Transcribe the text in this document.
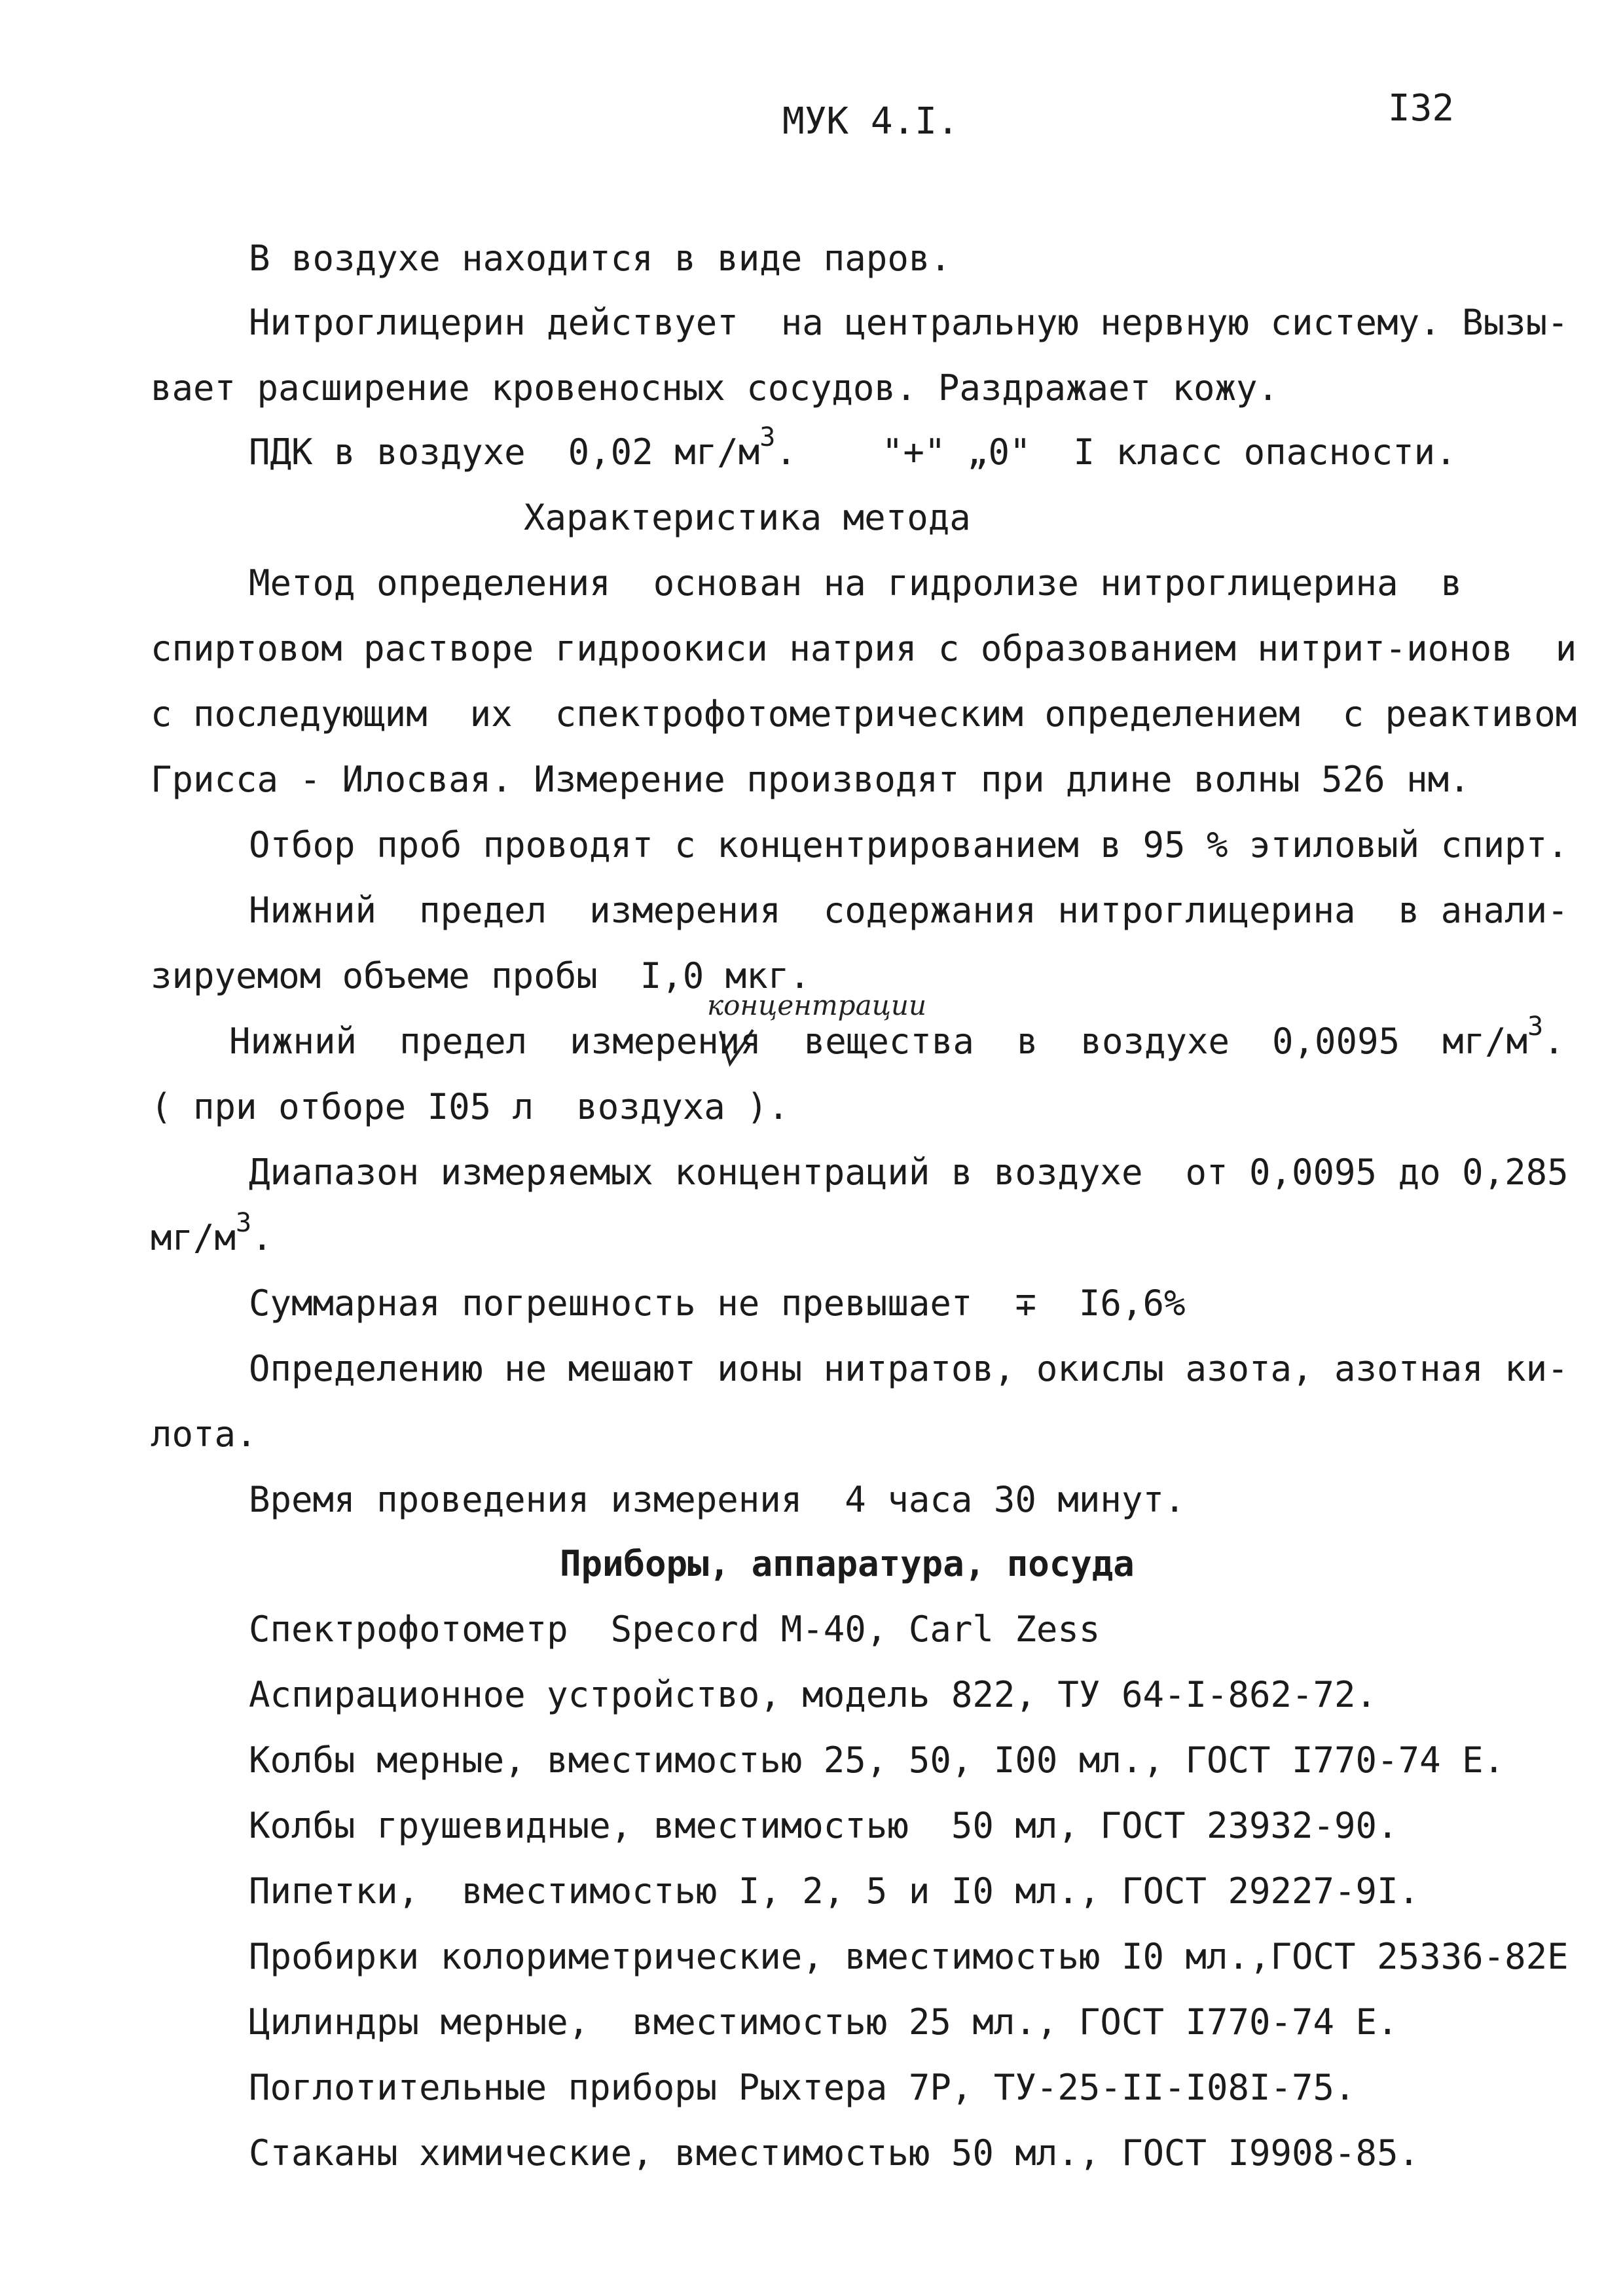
МУК 4.I.	I32
В воздухе находится в виде паров.
Нитроглицерин действует  на центральную нервную систему. Вызы-
вает расширение кровеносных сосудов. Раздражает кожу.
ПДК в воздухе  0,02 $мг/м^3$.    "+" „0"  I класс опасности.
Характеристика метода
Метод определения  основан на гидролизе нитроглицерина  в
спиртовом растворе гидроокиси натрия с образованием нитрит-ионов  и
с последующим  их  спектрофотометрическим определением  с реактивом
Грисса - Илосвая. Измерение производят при длине волны 526 нм.
Отбор проб проводят с концентрированием в 95 % этиловый спирт.
Нижний  предел  измерения  содержания нитроглицерина  в анали-
зируемом объеме пробы  I,0 мкг.
концентрации
Нижний  предел  измерения  вещества  в  воздухе  0,0095  $мг/м^3$.
( при отборе I05 л  воздуха ).
Диапазон измеряемых концентраций в воздухе  от 0,0095 до 0,285
$мг/м^3$.
Суммарная погрешность не превышает  ∓  I6,6%
Определению не мешают ионы нитратов, окислы азота, азотная ки-
лота.
Время проведения измерения  4 часа 30 минут.
Приборы, аппаратура, посуда
Спектрофотометр  Specord M-40, Carl Zess
Аспирационное устройство, модель 822, ТУ 64-I-862-72.
Колбы мерные, вместимостью 25, 50, I00 мл., ГОСТ I770-74 Е.
Колбы грушевидные, вместимостью  50 мл, ГОСТ 23932-90.
Пипетки,  вместимостью I, 2, 5 и I0 мл., ГОСТ 29227-9I.
Пробирки колориметрические, вместимостью I0 мл.,ГОСТ 25336-82Е
Цилиндры мерные,  вместимостью 25 мл., ГОСТ I770-74 Е.
Поглотительные приборы Рыхтера 7Р, ТУ-25-II-I08I-75.
Стаканы химические, вместимостью 50 мл., ГОСТ I9908-85.
